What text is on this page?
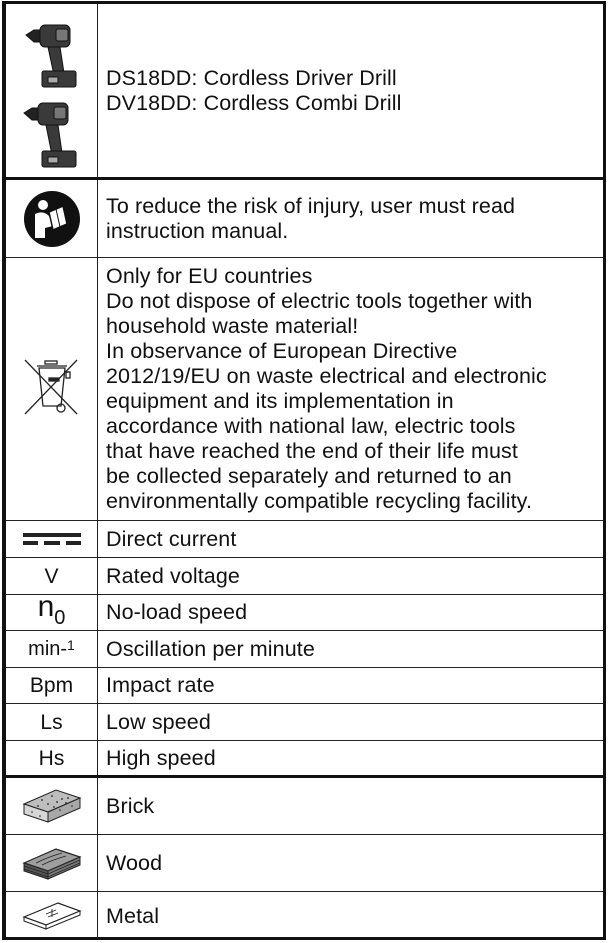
DS18DD: Cordless Driver Drill
DV18DD: Cordless Combi Drill
To reduce the risk of injury, user must read
instruction manual.
Only for EU countries
Do not dispose of electric tools together with
household waste material!
In observance of European Directive
2012/19/EU on waste electrical and electronic
equipment and its implementation in
accordance with national law, electric tools
that have reached the end of their life must
be collected separately and returned to an
environmentally compatible recycling facility.
Direct current
V Rated voltage
$n_0$ No-load speed
min-$^1$ Oscillation per minute
Bpm Impact rate
Ls Low speed
Hs High speed
Brick
Wood
Metal
